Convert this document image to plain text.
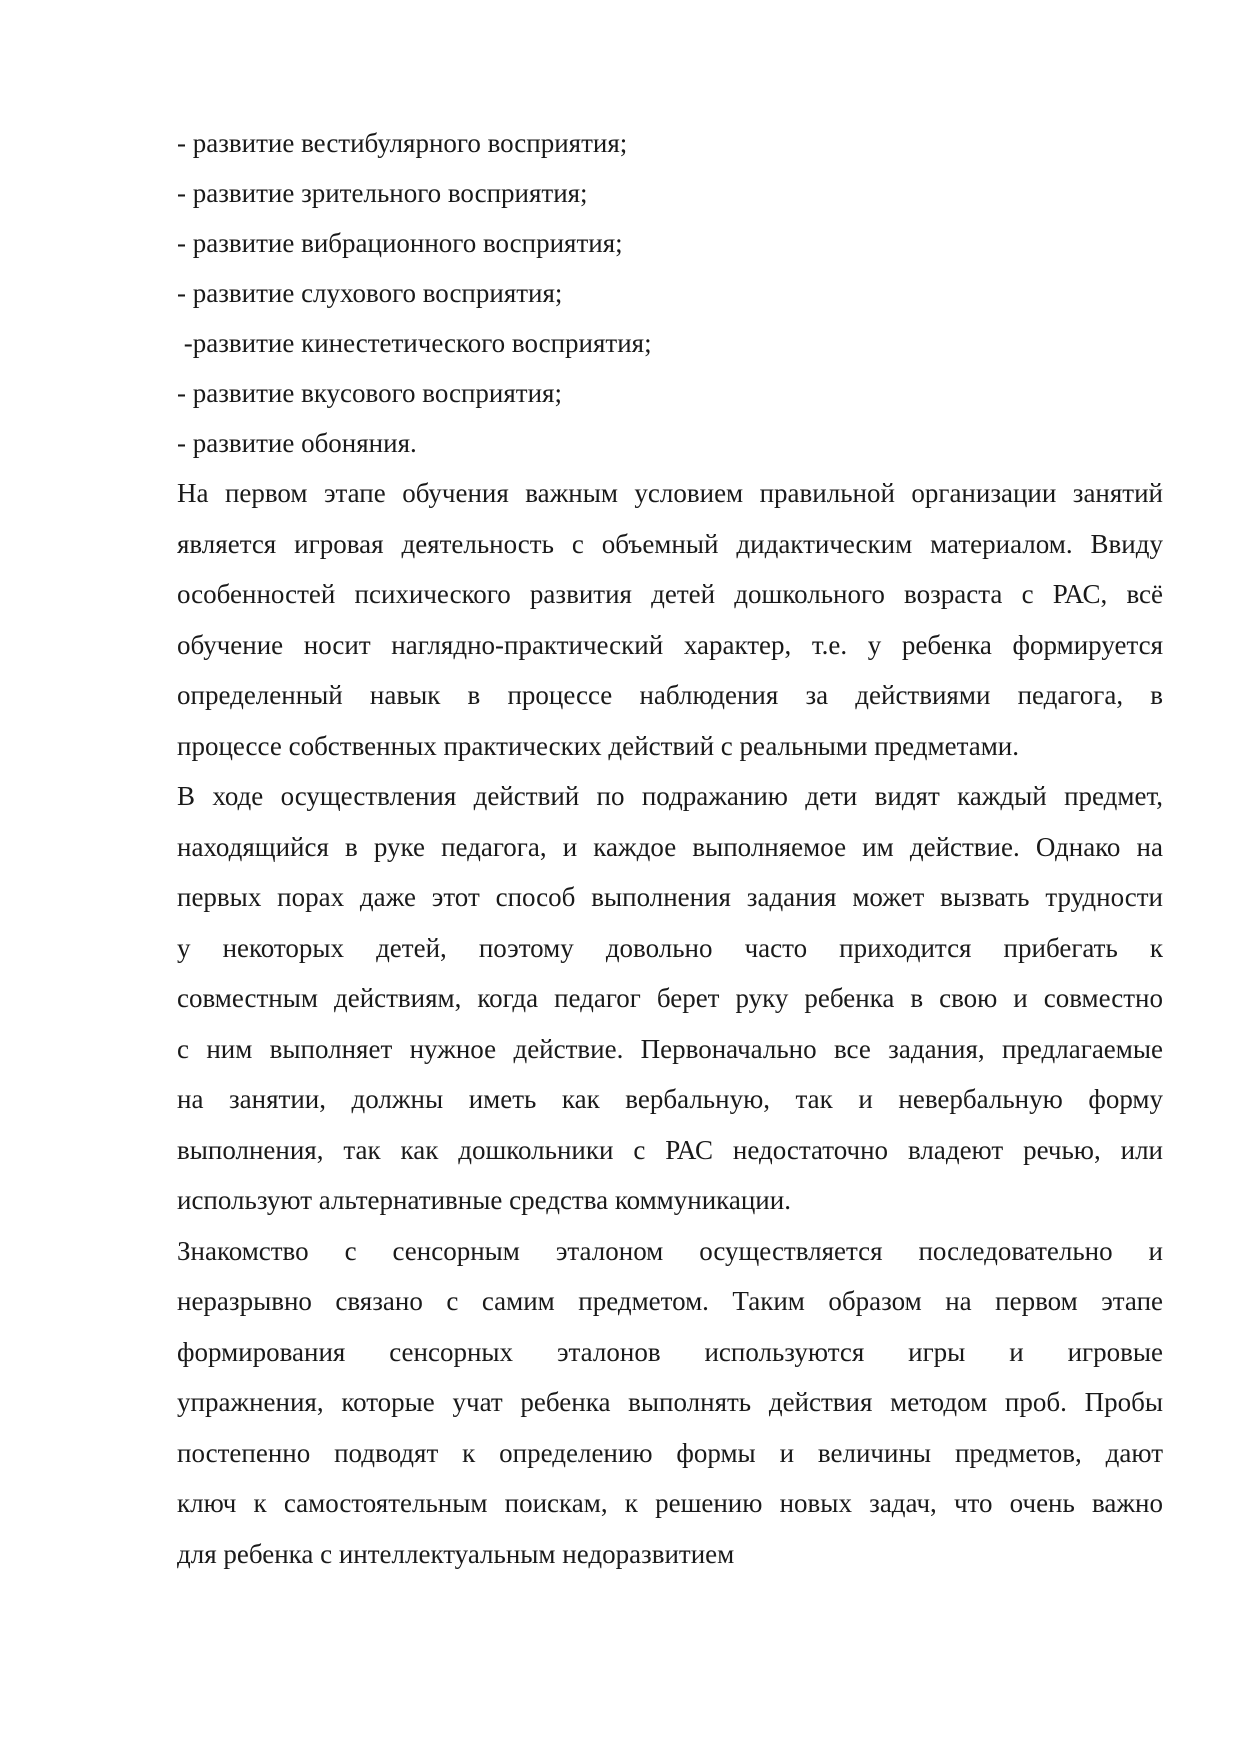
- развитие вестибулярного восприятия;
- развитие зрительного восприятия;
- развитие вибрационного восприятия;
- развитие слухового восприятия;
-развитие кинестетического восприятия;
- развитие вкусового восприятия;
- развитие обоняния.
На первом этапе обучения важным условием правильной организации занятий
является игровая деятельность с объемный дидактическим материалом. Ввиду
особенностей психического развития детей дошкольного возраста с РАС, всё
обучение носит наглядно-практический характер, т.е. у ребенка формируется
определенный навык в процессе наблюдения за действиями педагога, в
процессе собственных практических действий с реальными предметами.
В ходе осуществления действий по подражанию дети видят каждый предмет,
находящийся в руке педагога, и каждое выполняемое им действие. Однако на
первых порах даже этот способ выполнения задания может вызвать трудности
у некоторых детей, поэтому довольно часто приходится прибегать к
совместным действиям, когда педагог берет руку ребенка в свою и совместно
с ним выполняет нужное действие. Первоначально все задания, предлагаемые
на занятии, должны иметь как вербальную, так и невербальную форму
выполнения, так как дошкольники с РАС недостаточно владеют речью, или
используют альтернативные средства коммуникации.
Знакомство с сенсорным эталоном осуществляется последовательно и
неразрывно связано с самим предметом. Таким образом на первом этапе
формирования сенсорных эталонов используются игры и игровые
упражнения, которые учат ребенка выполнять действия методом проб. Пробы
постепенно подводят к определению формы и величины предметов, дают
ключ к самостоятельным поискам, к решению новых задач, что очень важно
для ребенка с интеллектуальным недоразвитием
